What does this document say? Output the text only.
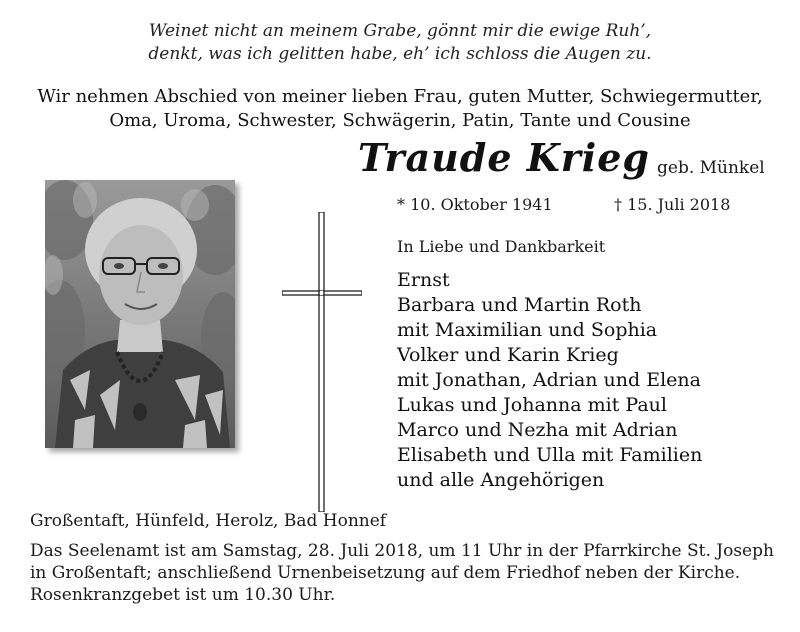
Weinet nicht an meinem Grabe, gönnt mir die ewige Ruh’,
denkt, was ich gelitten habe, eh’ ich schloss die Augen zu.
Wir nehmen Abschied von meiner lieben Frau, guten Mutter, Schwiegermutter,
Oma, Uroma, Schwester, Schwägerin, Patin, Tante und Cousine
Traude Krieg geb. Münkel
* 10. Oktober 1941	† 15. Juli 2018
In Liebe und Dankbarkeit
Ernst
Barbara und Martin Roth
mit Maximilian und Sophia
Volker und Karin Krieg
mit Jonathan, Adrian und Elena
Lukas und Johanna mit Paul
Marco und Nezha mit Adrian
Elisabeth und Ulla mit Familien
und alle Angehörigen
Großentaft, Hünfeld, Herolz, Bad Honnef
Das Seelenamt ist am Samstag, 28. Juli 2018, um 11 Uhr in der Pfarrkirche St. Joseph
in Großentaft; anschließend Urnenbeisetzung auf dem Friedhof neben der Kirche.
Rosenkranzgebet ist um 10.30 Uhr.
